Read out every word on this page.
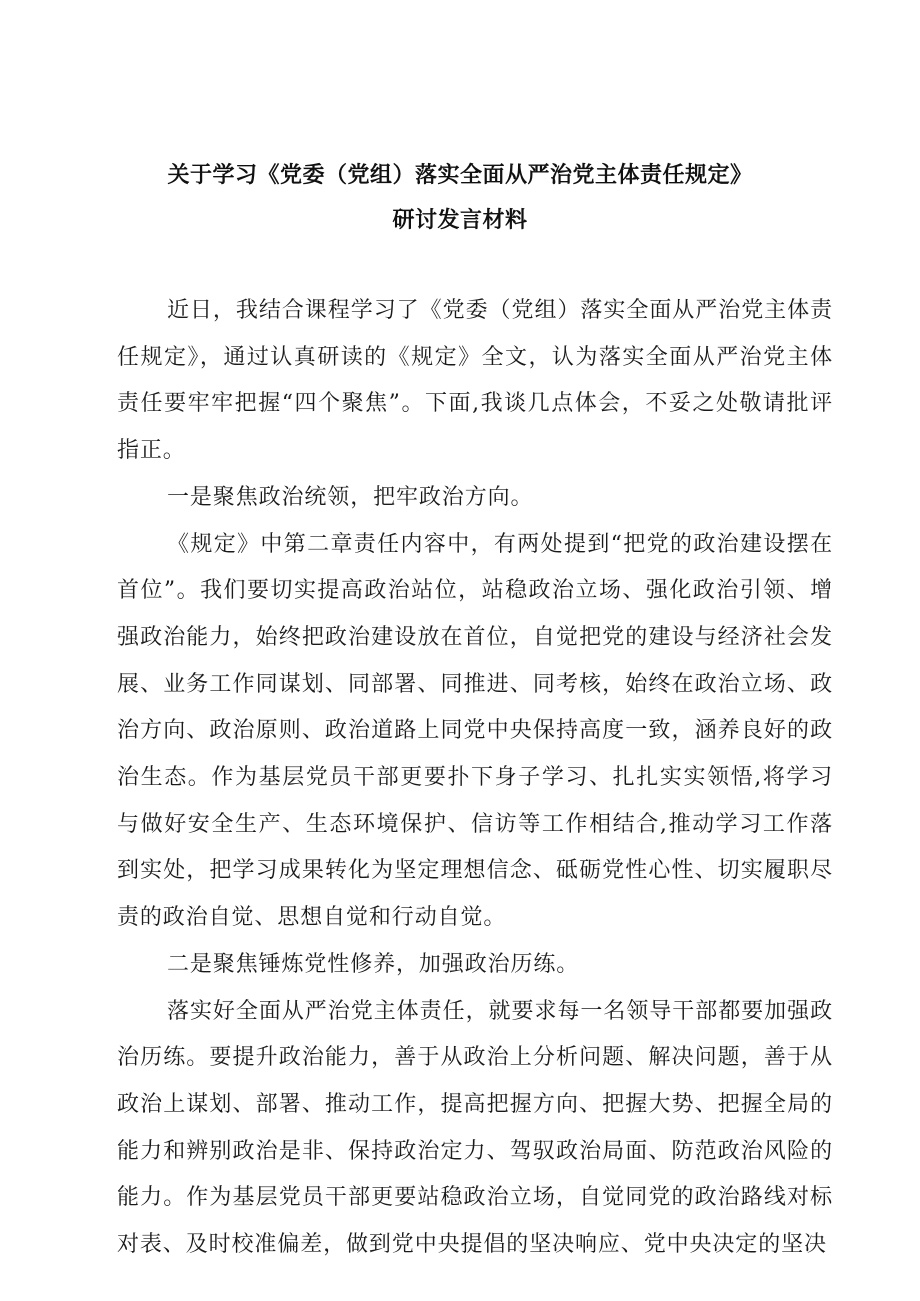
关于学习《党委（党组）落实全面从严治党主体责任规定》
研讨发言材料

近日，我结合课程学习了《党委（党组）落实全面从严治党主体责任规定》，通过认真研读的《规定》全文，认为落实全面从严治党主体责任要牢牢把握“四个聚焦”。下面,我谈几点体会，不妥之处敬请批评指正。

一是聚焦政治统领，把牢政治方向。

《规定》中第二章责任内容中，有两处提到“把党的政治建设摆在首位”。我们要切实提高政治站位，站稳政治立场、强化政治引领、增强政治能力，始终把政治建设放在首位，自觉把党的建设与经济社会发展、业务工作同谋划、同部署、同推进、同考核，始终在政治立场、政治方向、政治原则、政治道路上同党中央保持高度一致，涵养良好的政治生态。作为基层党员干部更要扑下身子学习、扎扎实实领悟,将学习与做好安全生产、生态环境保护、信访等工作相结合,推动学习工作落到实处，把学习成果转化为坚定理想信念、砥砺党性心性、切实履职尽责的政治自觉、思想自觉和行动自觉。

二是聚焦锤炼党性修养，加强政治历练。

落实好全面从严治党主体责任，就要求每一名领导干部都要加强政治历练。要提升政治能力，善于从政治上分析问题、解决问题，善于从政治上谋划、部署、推动工作，提高把握方向、把握大势、把握全局的能力和辨别政治是非、保持政治定力、驾驭政治局面、防范政治风险的能力。作为基层党员干部更要站稳政治立场，自觉同党的政治路线对标对表、及时校准偏差，做到党中央提倡的坚决响应、党中央决定的坚决
